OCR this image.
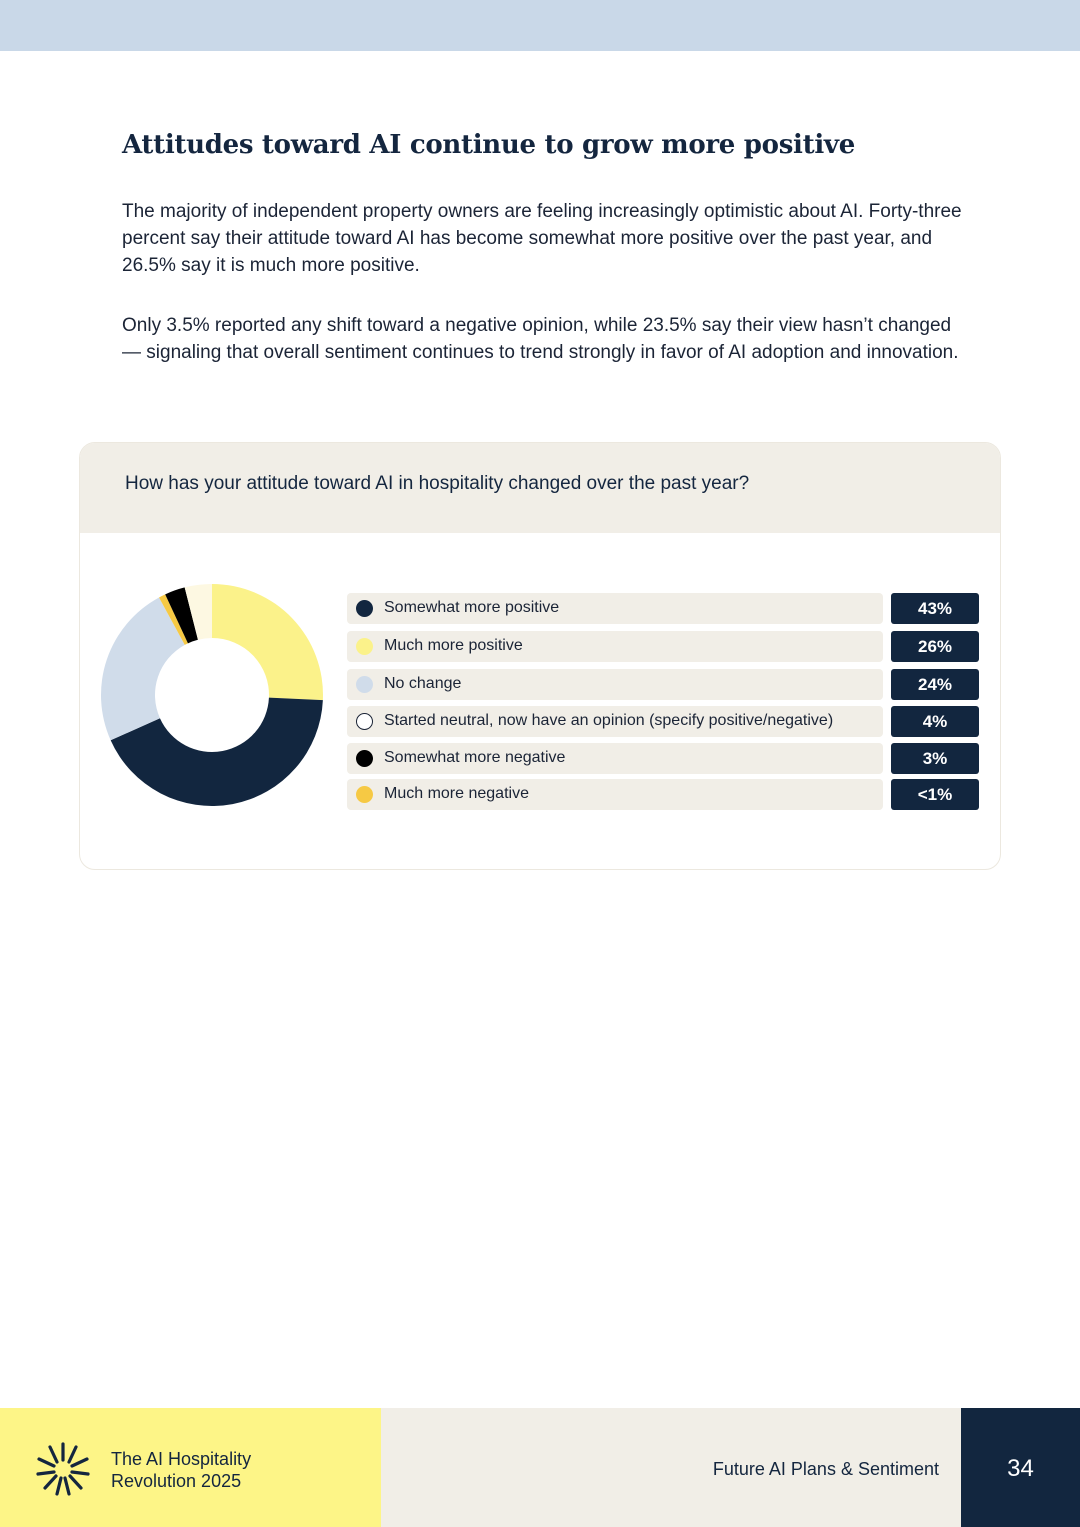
Attitudes toward AI continue to grow more positive

The majority of independent property owners are feeling increasingly optimistic about AI. Forty-three percent say their attitude toward AI has become somewhat more positive over the past year, and 26.5% say it is much more positive.

Only 3.5% reported any shift toward a negative opinion, while 23.5% say their view hasn’t changed — signaling that overall sentiment continues to trend strongly in favor of AI adoption and innovation.

How has your attitude toward AI in hospitality changed over the past year?

Somewhat more positive	43%
Much more positive	26%
No change	24%
Started neutral, now have an opinion (specify positive/negative)	4%
Somewhat more negative	3%
Much more negative	<1%
The AI Hospitality
Revolution 2025
Future AI Plans & Sentiment	34
